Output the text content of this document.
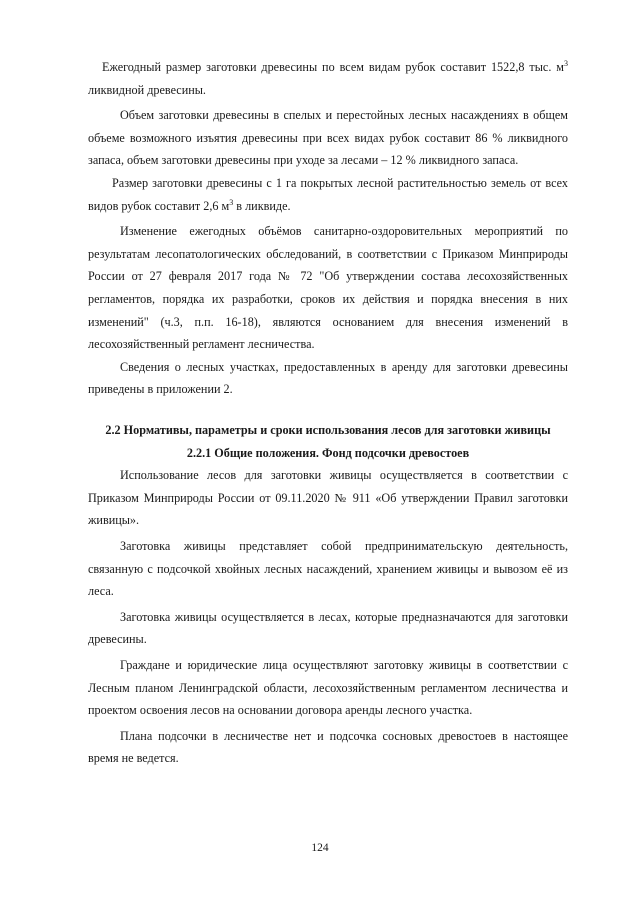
Ежегодный размер заготовки древесины по всем видам рубок составит 1522,8 тыс. $м^3$ ликвидной древесины.

Объем заготовки древесины в спелых и перестойных лесных насаждениях в общем объеме возможного изъятия древесины при всех видах рубок составит 86 % ликвидного запаса, объем заготовки древесины при уходе за лесами – 12 % ликвидного запаса.

Размер заготовки древесины с 1 га покрытых лесной растительностью земель от всех видов рубок составит 2,6 $м^3$ в ликвиде.

Изменение ежегодных объёмов санитарно-оздоровительных мероприятий по результатам лесопатологических обследований, в соответствии с Приказом Минприроды России от 27 февраля 2017 года № 72 "Об утверждении состава лесохозяйственных регламентов, порядка их разработки, сроков их действия и порядка внесения в них изменений" (ч.3, п.п. 16-18), являются основанием для внесения изменений в лесохозяйственный регламент лесничества.

Сведения о лесных участках, предоставленных в аренду для заготовки древесины приведены в приложении 2.

2.2 Нормативы, параметры и сроки использования лесов для заготовки живицы

2.2.1 Общие положения. Фонд подсочки древостоев

Использование лесов для заготовки живицы осуществляется в соответствии с Приказом Минприроды России от 09.11.2020 № 911 «Об утверждении Правил заготовки живицы».

Заготовка живицы представляет собой предпринимательскую деятельность, связанную с подсочкой хвойных лесных насаждений, хранением живицы и вывозом её из леса.

Заготовка живицы осуществляется в лесах, которые предназначаются для заготовки древесины.

Граждане и юридические лица осуществляют заготовку живицы в соответствии с Лесным планом Ленинградской области, лесохозяйственным регламентом лесничества и проектом освоения лесов на основании договора аренды лесного участка.

Плана подсочки в лесничестве нет и подсочка сосновых древостоев в настоящее время не ведется.

124
